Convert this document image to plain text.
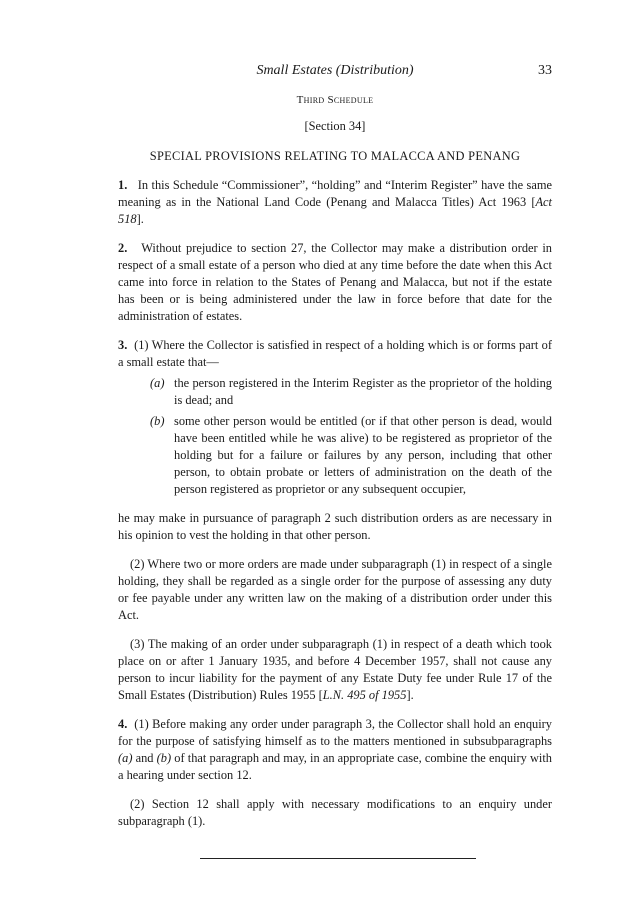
Small Estates (Distribution)	33
Third Schedule
[Section 34]
SPECIAL PROVISIONS RELATING TO MALACCA AND PENANG

1. In this Schedule “Commissioner”, “holding” and “Interim Register” have the same meaning as in the National Land Code (Penang and Malacca Titles) Act 1963 [Act 518].

2. Without prejudice to section 27, the Collector may make a distribution order in respect of a small estate of a person who died at any time before the date when this Act came into force in relation to the States of Penang and Malacca, but not if the estate has been or is being administered under the law in force before that date for the administration of estates.

3. (1) Where the Collector is satisfied in respect of a holding which is or forms part of a small estate that—

(a) the person registered in the Interim Register as the proprietor of the holding is dead; and
(b) some other person would be entitled (or if that other person is dead, would have been entitled while he was alive) to be registered as proprietor of the holding but for a failure or failures by any person, including that other person, to obtain probate or letters of administration on the death of the person registered as proprietor or any subsequent occupier,

he may make in pursuance of paragraph 2 such distribution orders as are necessary in his opinion to vest the holding in that other person.

(2) Where two or more orders are made under subparagraph (1) in respect of a single holding, they shall be regarded as a single order for the purpose of assessing any duty or fee payable under any written law on the making of a distribution order under this Act.

(3) The making of an order under subparagraph (1) in respect of a death which took place on or after 1 January 1935, and before 4 December 1957, shall not cause any person to incur liability for the payment of any Estate Duty fee under Rule 17 of the Small Estates (Distribution) Rules 1955 [L.N. 495 of 1955].

4. (1) Before making any order under paragraph 3, the Collector shall hold an enquiry for the purpose of satisfying himself as to the matters mentioned in subsubparagraphs (a) and (b) of that paragraph and may, in an appropriate case, combine the enquiry with a hearing under section 12.

(2) Section 12 shall apply with necessary modifications to an enquiry under subparagraph (1).
